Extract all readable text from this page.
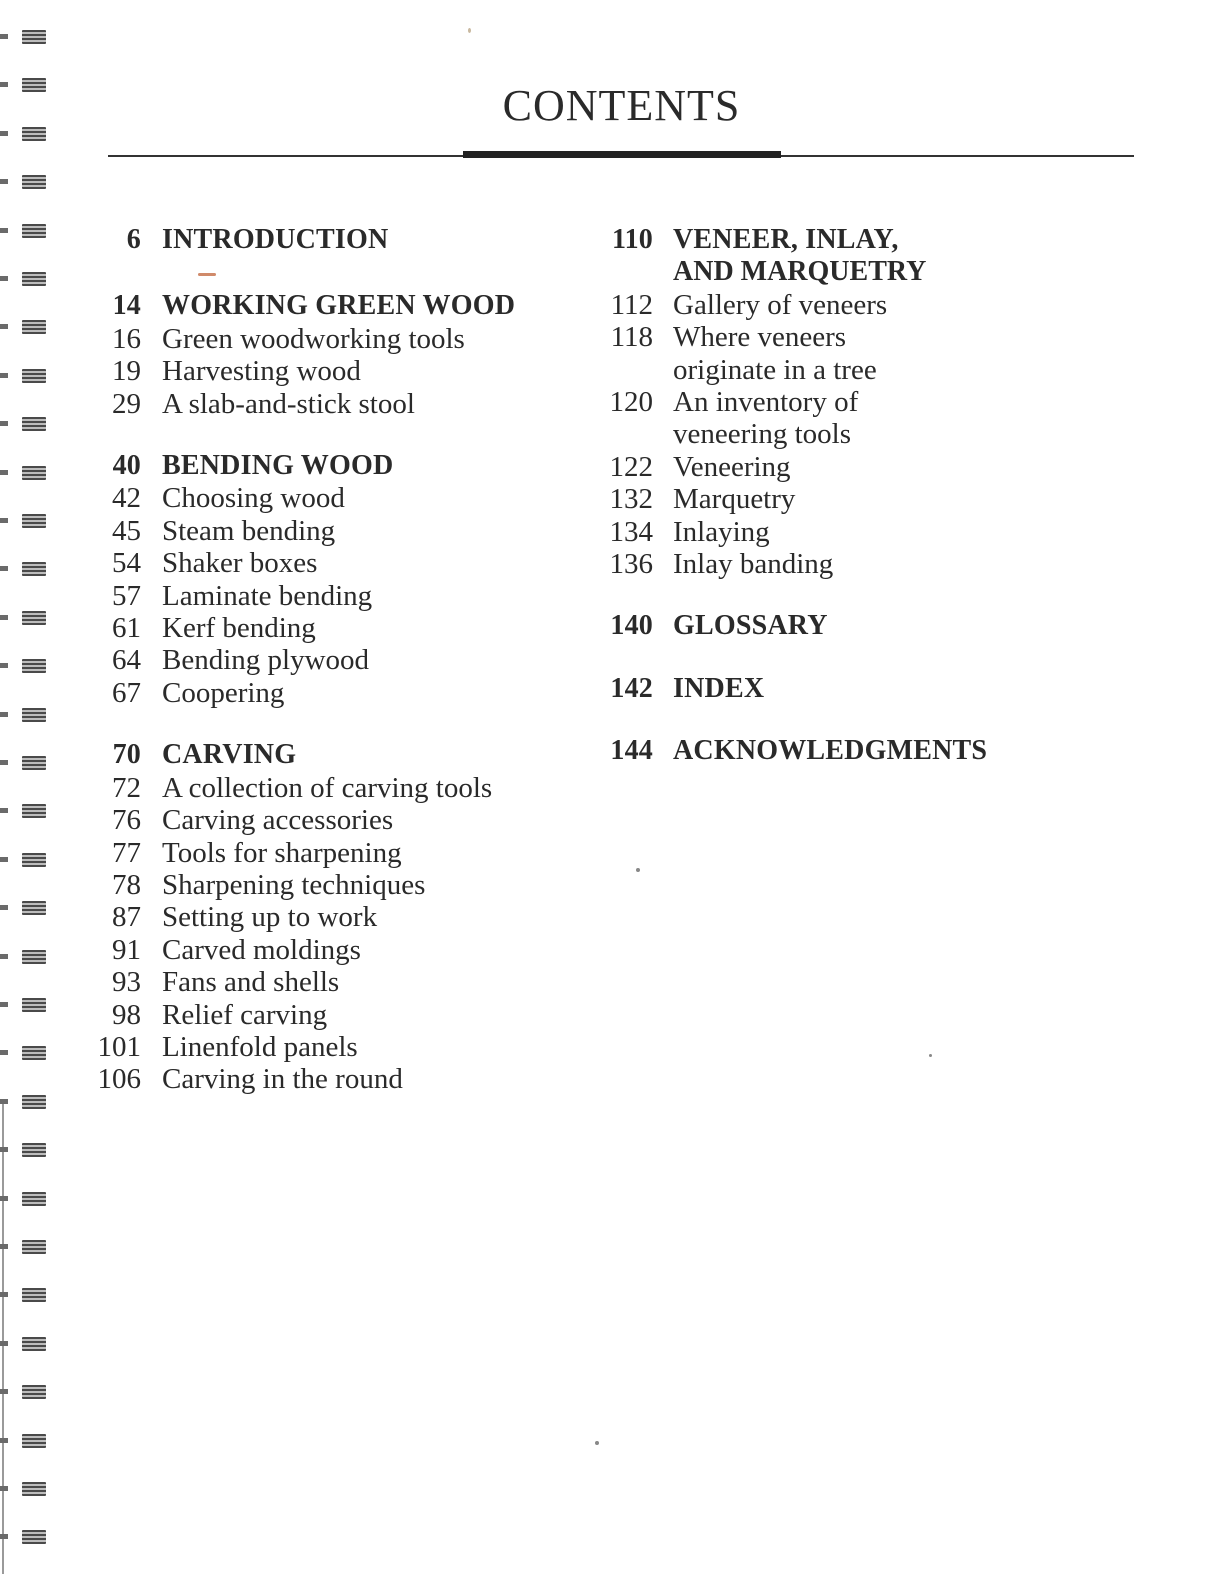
CONTENTS
6 INTRODUCTION
14 WORKING GREEN WOOD
16 Green woodworking tools
19 Harvesting wood
29 A slab-and-stick stool
40 BENDING WOOD
42 Choosing wood
45 Steam bending
54 Shaker boxes
57 Laminate bending
61 Kerf bending
64 Bending plywood
67 Coopering
70 CARVING
72 A collection of carving tools
76 Carving accessories
77 Tools for sharpening
78 Sharpening techniques
87 Setting up to work
91 Carved moldings
93 Fans and shells
98 Relief carving
101 Linenfold panels
106 Carving in the round
110 VENEER, INLAY,
AND MARQUETRY
112 Gallery of veneers
118 Where veneers
originate in a tree
120 An inventory of
veneering tools
122 Veneering
132 Marquetry
134 Inlaying
136 Inlay banding
140 GLOSSARY
142 INDEX
144 ACKNOWLEDGMENTS
